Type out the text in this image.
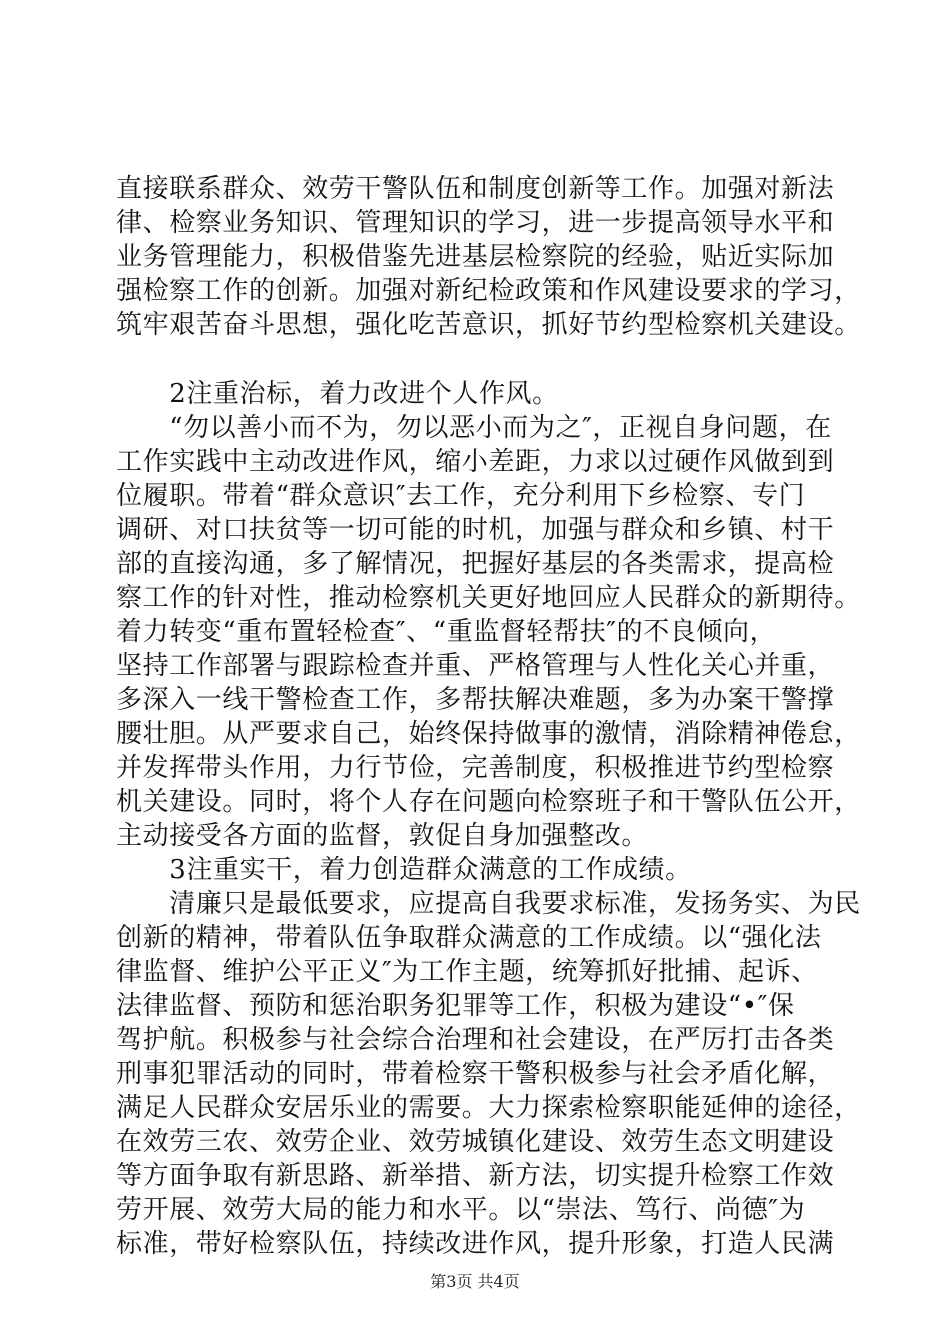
直接联系群众、效劳干警队伍和制度创新等工作。加强对新法
律、检察业务知识、管理知识的学习，进一步提高领导水平和
业务管理能力，积极借鉴先进基层检察院的经验，贴近实际加
强检察工作的创新。加强对新纪检政策和作风建设要求的学习，
筑牢艰苦奋斗思想，强化吃苦意识，抓好节约型检察机关建设。
　　2注重治标，着力改进个人作风。
　　“勿以善小而不为，勿以恶小而为之″，正视自身问题，在
工作实践中主动改进作风，缩小差距，力求以过硬作风做到到
位履职。带着“群众意识″去工作，充分利用下乡检察、专门
调研、对口扶贫等一切可能的时机，加强与群众和乡镇、村干
部的直接沟通，多了解情况，把握好基层的各类需求，提高检
察工作的针对性，推动检察机关更好地回应人民群众的新期待。
着力转变“重布置轻检查″、“重监督轻帮扶″的不良倾向，
坚持工作部署与跟踪检查并重、严格管理与人性化关心并重，
多深入一线干警检查工作，多帮扶解决难题，多为办案干警撑
腰壮胆。从严要求自己，始终保持做事的激情，消除精神倦怠，
并发挥带头作用，力行节俭，完善制度，积极推进节约型检察
机关建设。同时，将个人存在问题向检察班子和干警队伍公开，
主动接受各方面的监督，敦促自身加强整改。
　　3注重实干，着力创造群众满意的工作成绩。
　　清廉只是最低要求，应提高自我要求标准，发扬务实、为民
创新的精神，带着队伍争取群众满意的工作成绩。以“强化法
律监督、维护公平正义″为工作主题，统筹抓好批捕、起诉、
法律监督、预防和惩治职务犯罪等工作，积极为建设“•″保
驾护航。积极参与社会综合治理和社会建设，在严厉打击各类
刑事犯罪活动的同时，带着检察干警积极参与社会矛盾化解，
满足人民群众安居乐业的需要。大力探索检察职能延伸的途径，
在效劳三农、效劳企业、效劳城镇化建设、效劳生态文明建设
等方面争取有新思路、新举措、新方法，切实提升检察工作效
劳开展、效劳大局的能力和水平。以“崇法、笃行、尚德″为
标准，带好检察队伍，持续改进作风，提升形象，打造人民满
第3页 共4页
